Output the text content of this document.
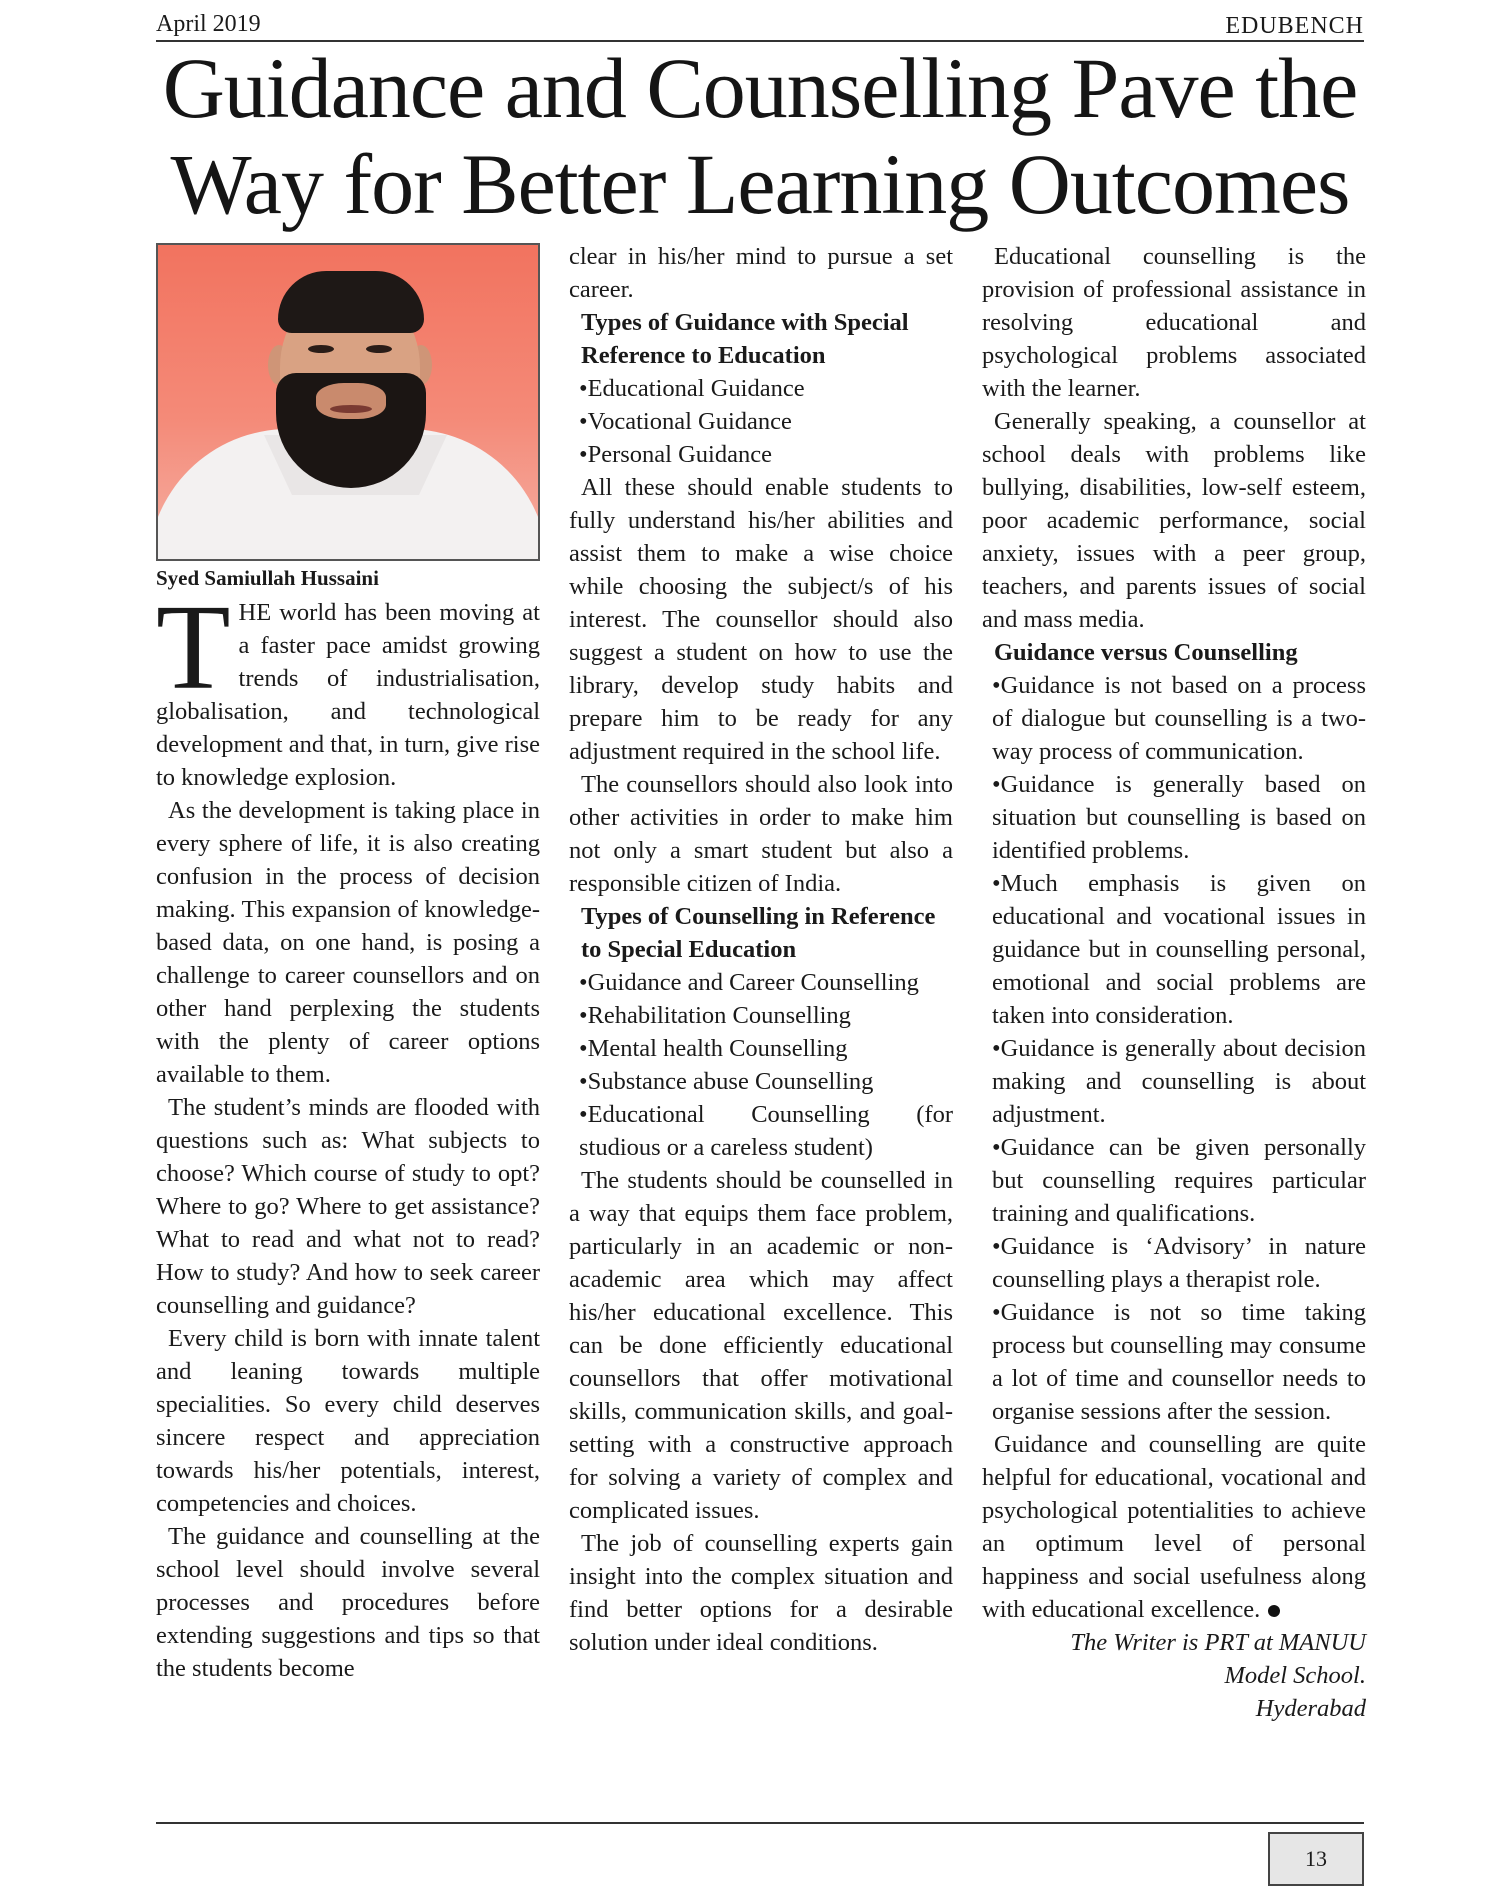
April 2019	EDUBENCH
Guidance and Counselling Pave the
Way for Better Learning Outcomes
Syed Samiullah Hussaini

THE world has been moving at a faster pace amidst growing trends of industrialisation, globalisation, and technological development and that, in turn, give rise to knowledge explosion.

As the development is taking place in every sphere of life, it is also creating confusion in the process of decision making. This expansion of knowledge-based data, on one hand, is posing a challenge to career counsellors and on other hand perplexing the students with the plenty of career options available to them.

The student’s minds are flooded with questions such as: What subjects to choose? Which course of study to opt? Where to go? Where to get assistance? What to read and what not to read? How to study? And how to seek career counselling and guidance?

Every child is born with innate talent and leaning towards multiple specialities. So every child deserves sincere respect and appreciation towards his/her potentials, interest, competencies and choices.

The guidance and counselling at the school level should involve several processes and procedures before extending suggestions and tips so that the students become

clear in his/her mind to pursue a set career.

Types of Guidance with Special Reference to Education
• Educational Guidance
• Vocational Guidance
• Personal Guidance

All these should enable students to fully understand his/her abilities and assist them to make a wise choice while choosing the subject/s of his interest. The counsellor should also suggest a student on how to use the library, develop study habits and prepare him to be ready for any adjustment required in the school life.

The counsellors should also look into other activities in order to make him not only a smart student but also a responsible citizen of India.

Types of Counselling in Reference to Special Education
• Guidance and Career Counselling
• Rehabilitation Counselling
• Mental health Counselling
• Substance abuse Counselling
• Educational Counselling (for studious or a careless student)

The students should be counselled in a way that equips them face problem, particularly in an academic or non-academic area which may affect his/her educational excellence. This can be done efficiently educational counsellors that offer motivational skills, communication skills, and goal-setting with a constructive approach for solving a variety of complex and complicated issues.

The job of counselling experts gain insight into the complex situation and find better options for a desirable solution under ideal conditions.

Educational counselling is the provision of professional assistance in resolving educational and psychological problems associated with the learner.

Generally speaking, a counsellor at school deals with problems like bullying, disabilities, low-self esteem, poor academic performance, social anxiety, issues with a peer group, teachers, and parents issues of social and mass media.

Guidance versus Counselling
• Guidance is not based on a process of dialogue but counselling is a two-way process of communication.
• Guidance is generally based on situation but counselling is based on identified problems.
• Much emphasis is given on educational and vocational issues in guidance but in counselling personal, emotional and social problems are taken into consideration.
• Guidance is generally about decision making and counselling is about adjustment.
• Guidance can be given personally but counselling requires particular training and qualifications.
• Guidance is ‘Advisory’ in nature counselling plays a therapist role.
• Guidance is not so time taking process but counselling may consume a lot of time and counsellor needs to organise sessions after the session.

Guidance and counselling are quite helpful for educational, vocational and psychological potentialities to achieve an optimum level of personal happiness and social usefulness along with educational excellence.

The Writer is PRT at MANUU
Model School.
Hyderabad
13
